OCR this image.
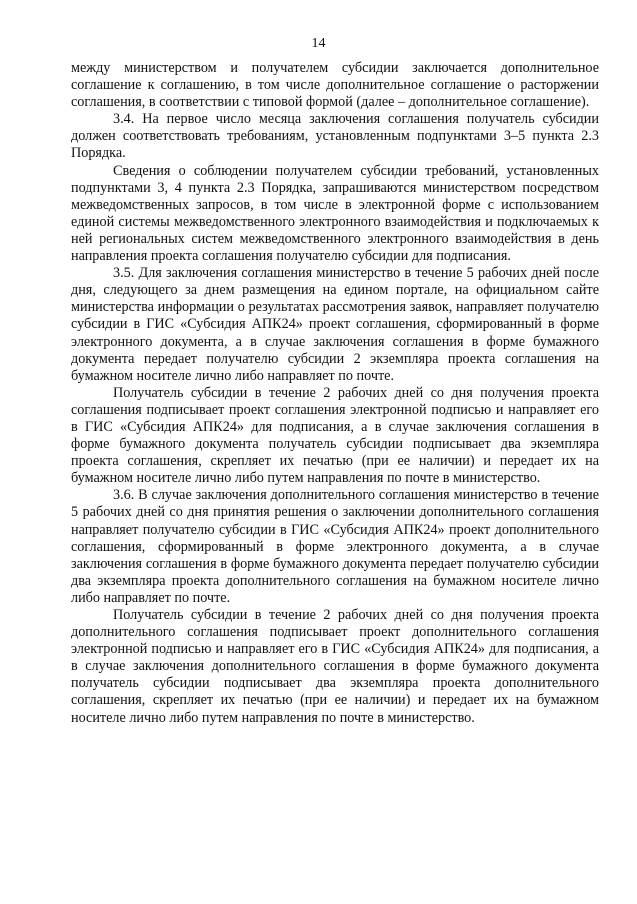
14

между министерством и получателем субсидии заключается дополнительное соглашение к соглашению, в том числе дополнительное соглашение о расторжении соглашения, в соответствии с типовой формой (далее – дополнительное соглашение).

3.4. На первое число месяца заключения соглашения получатель субсидии должен соответствовать требованиям, установленным подпунктами 3–5 пункта 2.3 Порядка.

Сведения о соблюдении получателем субсидии требований, установленных подпунктами 3, 4 пункта 2.3 Порядка, запрашиваются министерством посредством межведомственных запросов, в том числе в электронной форме с использованием единой системы межведомственного электронного взаимодействия и подключаемых к ней региональных систем межведомственного электронного взаимодействия в день направления проекта соглашения получателю субсидии для подписания.

3.5. Для заключения соглашения министерство в течение 5 рабочих дней после дня, следующего за днем размещения на едином портале, на официальном сайте министерства информации о результатах рассмотрения заявок, направляет получателю субсидии в ГИС «Субсидия АПК24» проект соглашения, сформированный в форме электронного документа, а в случае заключения соглашения в форме бумажного документа передает получателю субсидии 2 экземпляра проекта соглашения на бумажном носителе лично либо направляет по почте.

Получатель субсидии в течение 2 рабочих дней со дня получения проекта соглашения подписывает проект соглашения электронной подписью и направляет его в ГИС «Субсидия АПК24» для подписания, а в случае заключения соглашения в форме бумажного документа получатель субсидии подписывает два экземпляра проекта соглашения, скрепляет их печатью (при ее наличии) и передает их на бумажном носителе лично либо путем направления по почте в министерство.

3.6. В случае заключения дополнительного соглашения министерство в течение 5 рабочих дней со дня принятия решения о заключении дополнительного соглашения направляет получателю субсидии в ГИС «Субсидия АПК24» проект дополнительного соглашения, сформированный в форме электронного документа, а в случае заключения соглашения в форме бумажного документа передает получателю субсидии два экземпляра проекта дополнительного соглашения на бумажном носителе лично либо направляет по почте.

Получатель субсидии в течение 2 рабочих дней со дня получения проекта дополнительного соглашения подписывает проект дополнительного соглашения электронной подписью и направляет его в ГИС «Субсидия АПК24» для подписания, а в случае заключения дополнительного соглашения в форме бумажного документа получатель субсидии подписывает два экземпляра проекта дополнительного соглашения, скрепляет их печатью (при ее наличии) и передает их на бумажном носителе лично либо путем направления по почте в министерство.
